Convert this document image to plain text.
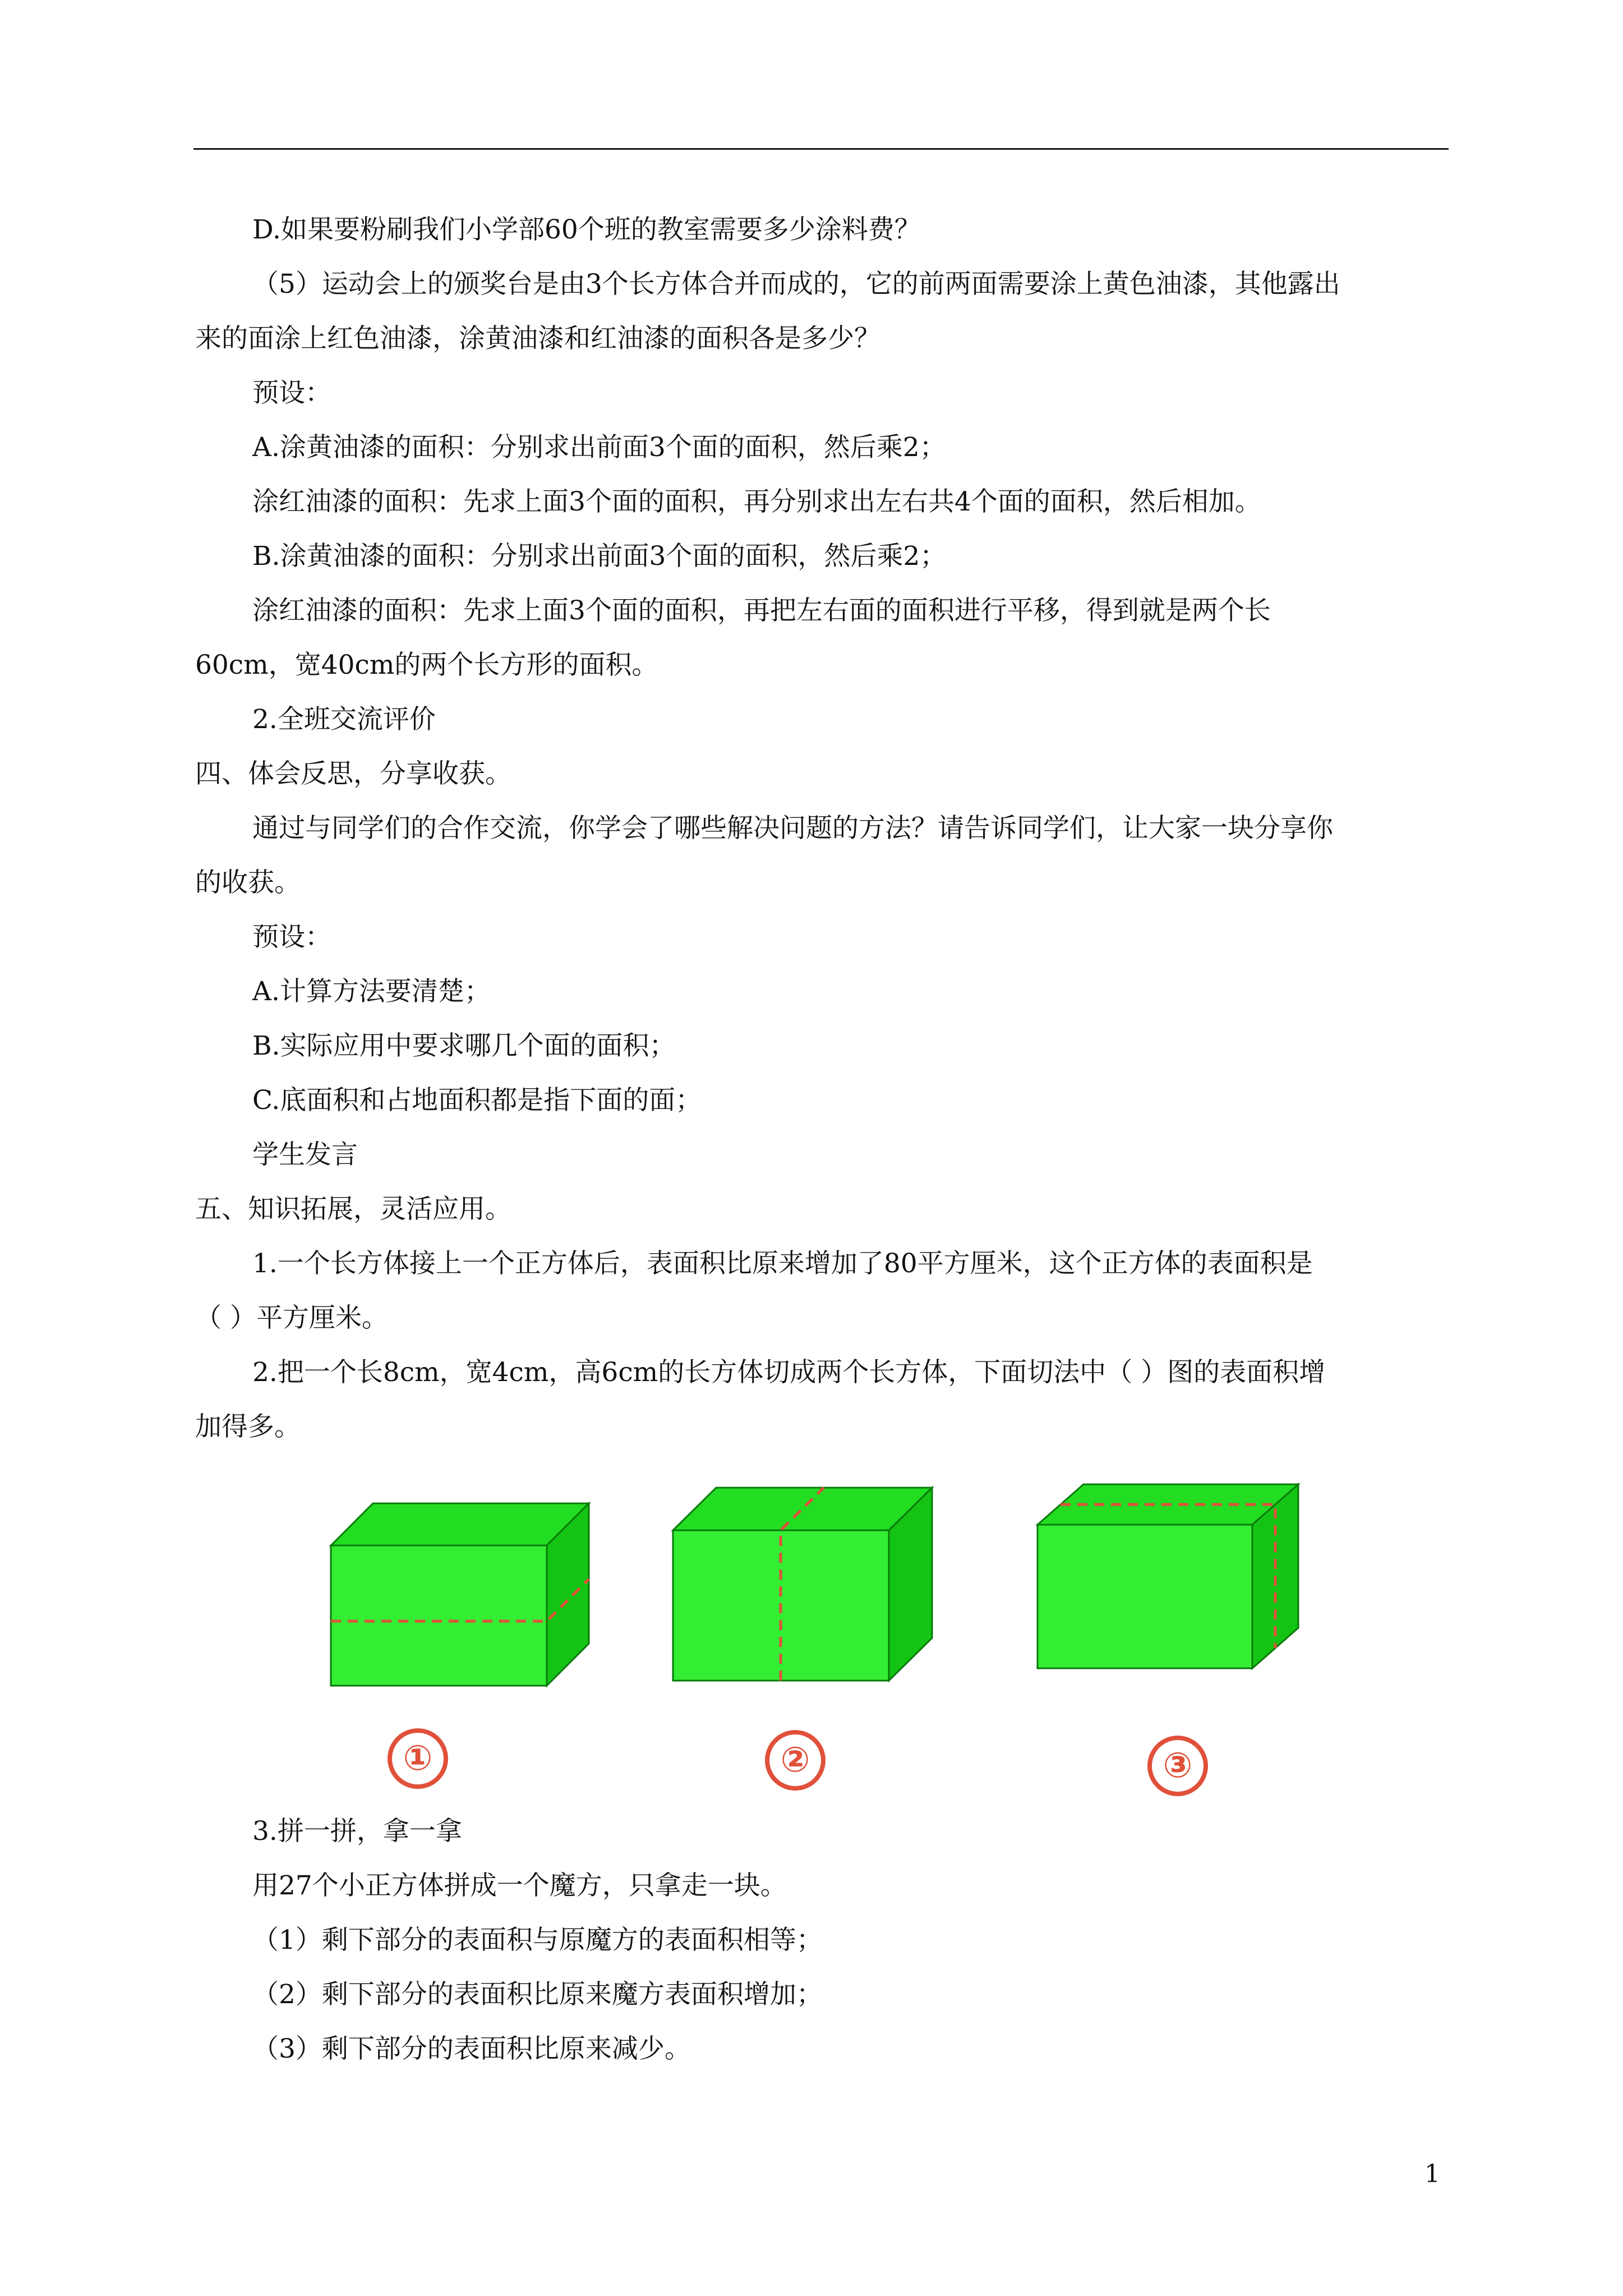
D.如果要粉刷我们小学部60个班的教室需要多少涂料费？
（5）运动会上的颁奖台是由3个长方体合并而成的，它的前两面需要涂上黄色油漆，其他露出
来的面涂上红色油漆，涂黄油漆和红油漆的面积各是多少？
预设：
A.涂黄油漆的面积：分别求出前面3个面的面积，然后乘2；
涂红油漆的面积：先求上面3个面的面积，再分别求出左右共4个面的面积，然后相加。
B.涂黄油漆的面积：分别求出前面3个面的面积，然后乘2；
涂红油漆的面积：先求上面3个面的面积，再把左右面的面积进行平移，得到就是两个长
60cm，宽40cm的两个长方形的面积。
2.全班交流评价
四、体会反思，分享收获。
通过与同学们的合作交流，你学会了哪些解决问题的方法？请告诉同学们，让大家一块分享你
的收获。
预设：
A.计算方法要清楚；
B.实际应用中要求哪几个面的面积；
C.底面积和占地面积都是指下面的面；
学生发言
五、知识拓展，灵活应用。
1.一个长方体接上一个正方体后，表面积比原来增加了80平方厘米，这个正方体的表面积是
（ ）平方厘米。
2.把一个长8cm，宽4cm，高6cm的长方体切成两个长方体，下面切法中（ ）图的表面积增
加得多。
①	②	③
3.拼一拼，拿一拿
用27个小正方体拼成一个魔方，只拿走一块。
（1）剩下部分的表面积与原魔方的表面积相等；
（2）剩下部分的表面积比原来魔方表面积增加；
（3）剩下部分的表面积比原来减少。
1
